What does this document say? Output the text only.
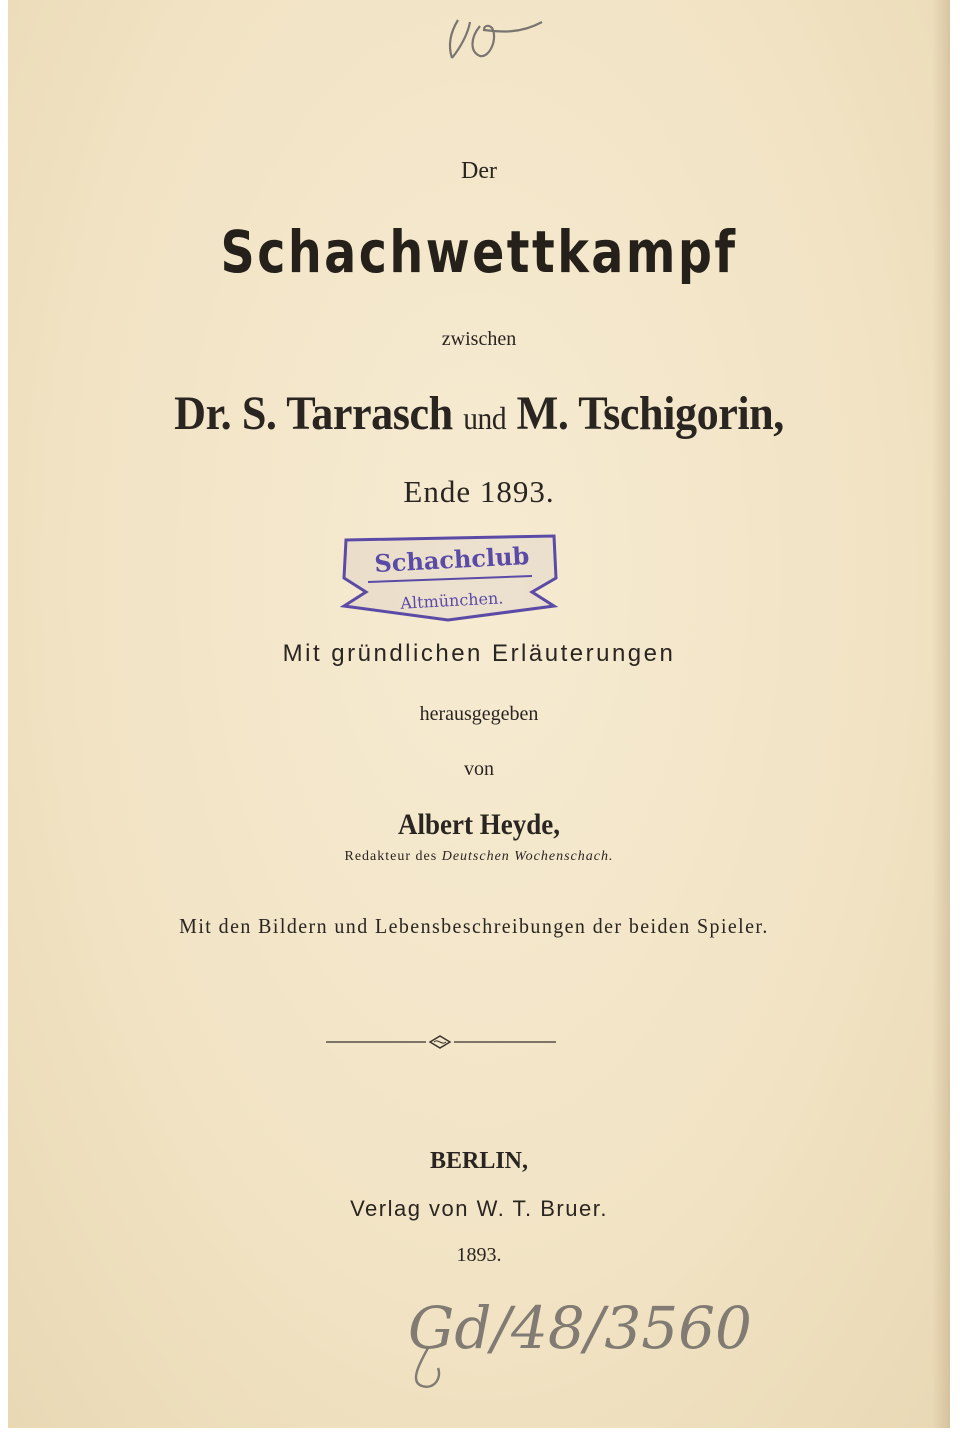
Der
Schachwettkampf
zwischen
Dr. S. Tarrasch und M. Tschigorin,
Ende 1893.
Schachclub
Altmünchen.
Mit gründlichen Erläuterungen
herausgegeben
von
Albert Heyde,
Redakteur des Deutschen Wochenschach.
Mit den Bildern und Lebensbeschreibungen der beiden Spieler.
BERLIN,
Verlag von W. T. Bruer.
1893.
Gd/48/3560
